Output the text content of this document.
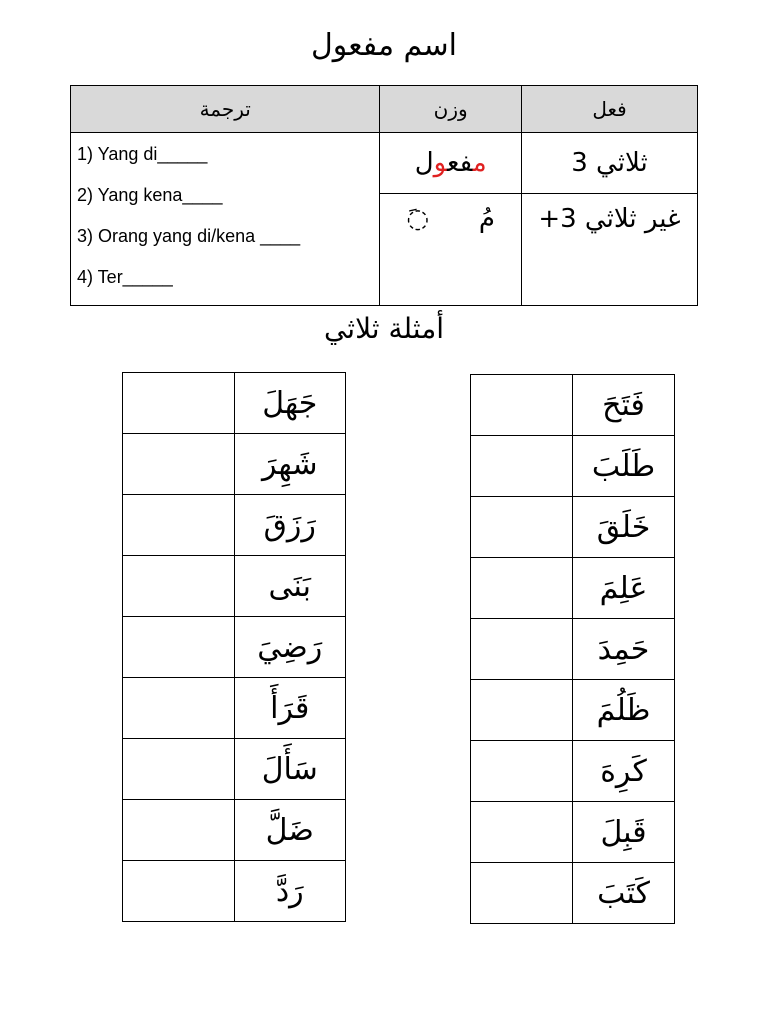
اسم مفعول
ترجمة	وزن	فعل

1) Yang di_____
2) Yang kena____
3) Orang yang di/kena ____
4) Ter_____	مفعول	ثلاثي 3

	◌َ مُ	غير ثلاثي 3+
أمثلة ثلاثي
	جَهَلَ
	شَهِرَ
	رَزَقَ
	بَنَى
	رَضِيَ
	قَرَأَ
	سَأَلَ
	ضَلَّ
	رَدَّ
	فَتَحَ
	طَلَبَ
	خَلَقَ
	عَلِمَ
	حَمِدَ
	ظَلُمَ
	كَرِهَ
	قَبِلَ
	كَتَبَ
